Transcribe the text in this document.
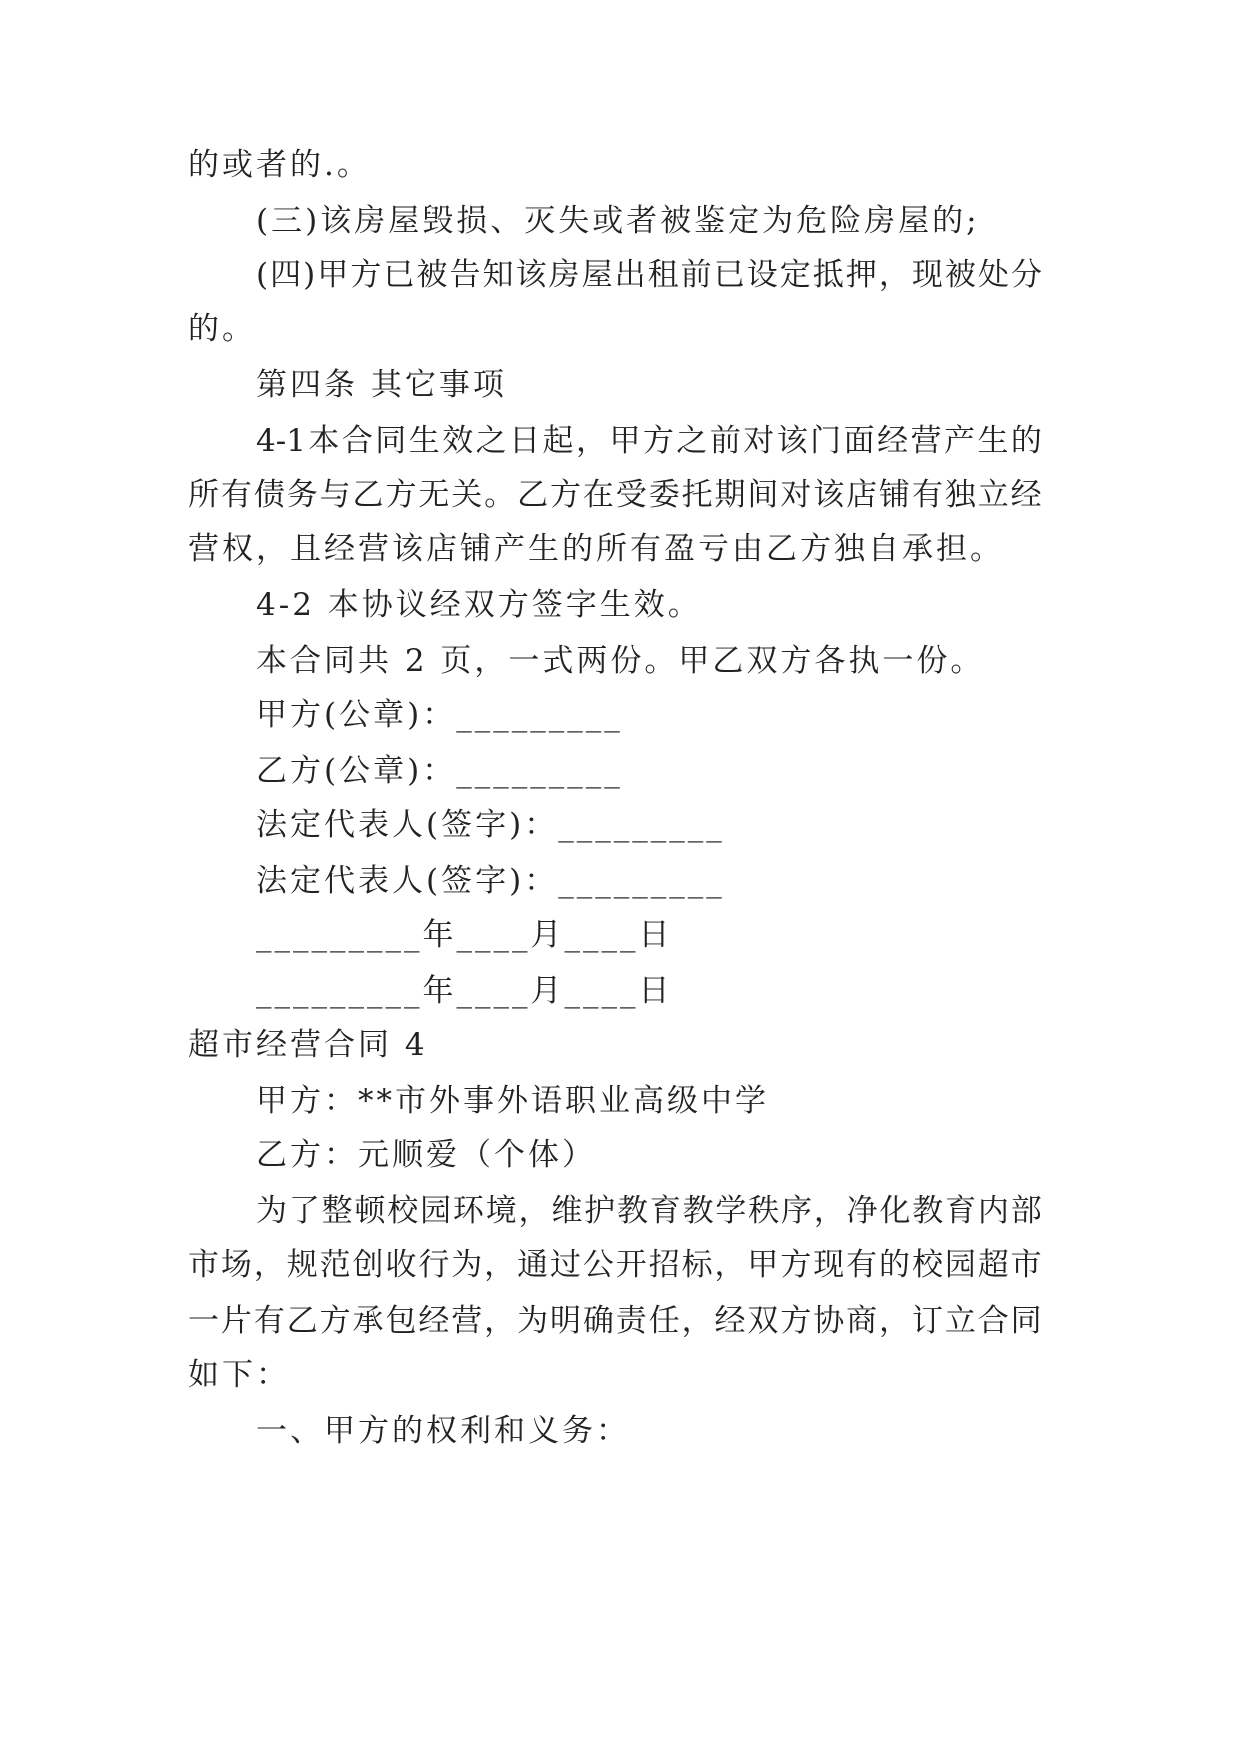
的或者的.。
(三)该房屋毁损、灭失或者被鉴定为危险房屋的;
( 四 ) 甲 方 已 被 告 知 该 房 屋 出 租 前 已 设 定 抵 押 ， 现 被 处 分
的。
第四条 其它事项
4-1 本 合 同 生 效 之 日 起 ， 甲 方 之 前 对 该 门 面 经 营 产 生 的
所 有 债 务 与 乙 方 无 关 。 乙 方 在 受 委 托 期 间 对 该 店 铺 有 独 立 经
营权，且经营该店铺产生的所有盈亏由乙方独自承担。
4-2 本协议经双方签字生效。
本合同共 2 页，一式两份。甲乙双方各执一份。
甲方(公章)：_________
乙方(公章)：_________
法定代表人(签字)：_________
法定代表人(签字)：_________
_________年____月____日
_________年____月____日
超市经营合同 4
甲方：**市外事外语职业高级中学
乙方：元顺爱（个体）
为 了 整 顿 校 园 环 境 ， 维 护 教 育 教 学 秩 序 ， 净 化 教 育 内 部
市 场 ， 规 范 创 收 行 为 ， 通 过 公 开 招 标 ， 甲 方 现 有 的 校 园 超 市
一 片 有 乙 方 承 包 经 营 ， 为 明 确 责 任 ， 经 双 方 协 商 ， 订 立 合 同
如下：
一、甲方的权利和义务：
